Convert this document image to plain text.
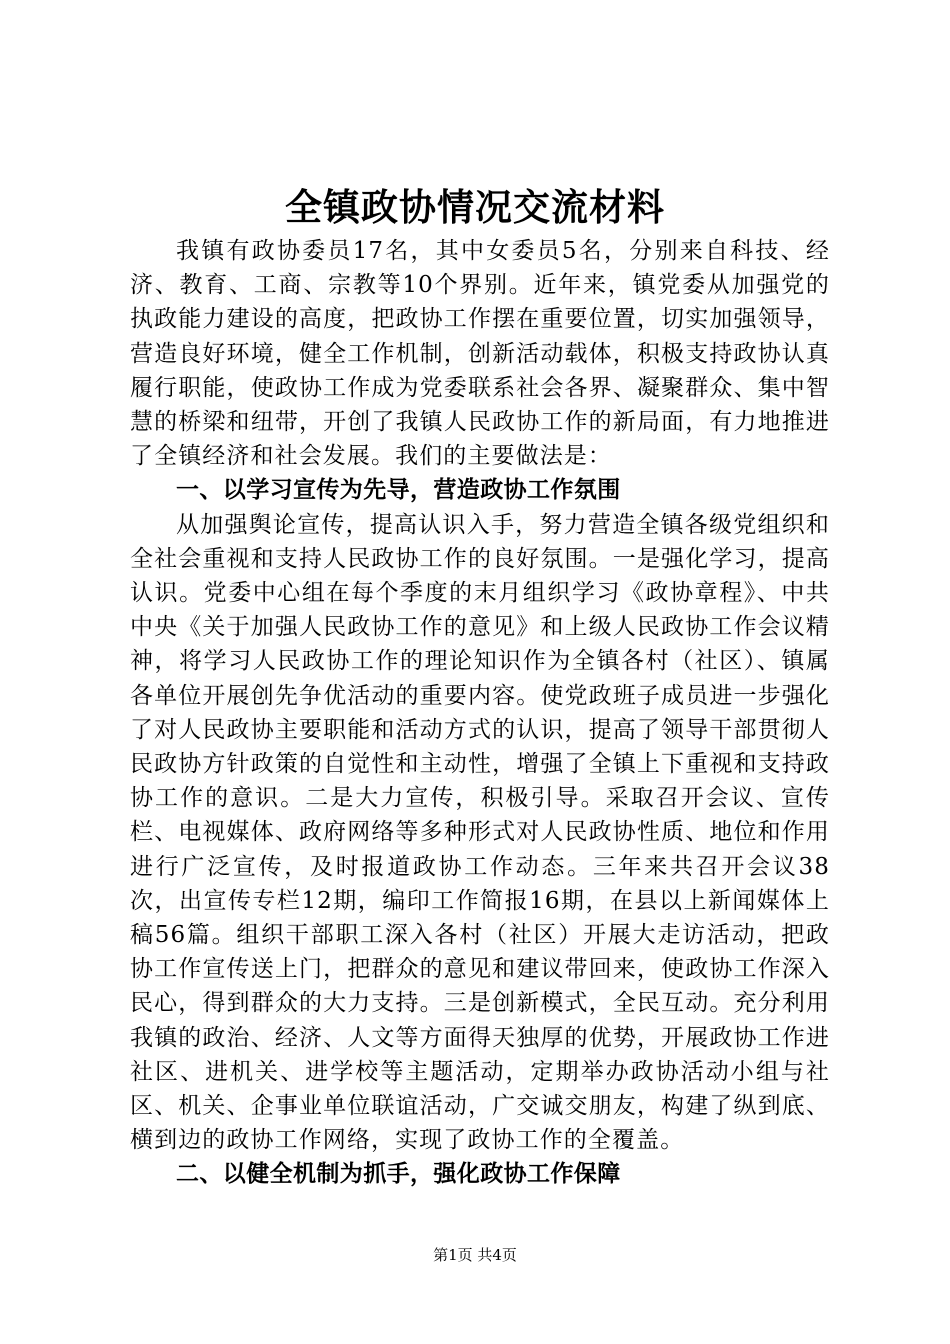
全镇政协情况交流材料

我镇有政协委员17名，其中女委员5名，分别来自科技、经济、教育、工商、宗教等10个界别。近年来，镇党委从加强党的执政能力建设的高度，把政协工作摆在重要位置，切实加强领导，营造良好环境，健全工作机制，创新活动载体，积极支持政协认真履行职能，使政协工作成为党委联系社会各界、凝聚群众、集中智慧的桥梁和纽带，开创了我镇人民政协工作的新局面，有力地推进了全镇经济和社会发展。我们的主要做法是：

一、以学习宣传为先导，营造政协工作氛围

从加强舆论宣传，提高认识入手，努力营造全镇各级党组织和全社会重视和支持人民政协工作的良好氛围。一是强化学习，提高认识。党委中心组在每个季度的末月组织学习《政协章程》、中共中央《关于加强人民政协工作的意见》和上级人民政协工作会议精神，将学习人民政协工作的理论知识作为全镇各村（社区）、镇属各单位开展创先争优活动的重要内容。使党政班子成员进一步强化了对人民政协主要职能和活动方式的认识，提高了领导干部贯彻人民政协方针政策的自觉性和主动性，增强了全镇上下重视和支持政协工作的意识。二是大力宣传，积极引导。采取召开会议、宣传栏、电视媒体、政府网络等多种形式对人民政协性质、地位和作用进行广泛宣传，及时报道政协工作动态。三年来共召开会议38次，出宣传专栏12期，编印工作简报16期，在县以上新闻媒体上稿56篇。组织干部职工深入各村（社区）开展大走访活动，把政协工作宣传送上门，把群众的意见和建议带回来，使政协工作深入民心，得到群众的大力支持。三是创新模式，全民互动。充分利用我镇的政治、经济、人文等方面得天独厚的优势，开展政协工作进社区、进机关、进学校等主题活动，定期举办政协活动小组与社区、机关、企事业单位联谊活动，广交诚交朋友，构建了纵到底、横到边的政协工作网络，实现了政协工作的全覆盖。

二、以健全机制为抓手，强化政协工作保障

第1页 共4页
